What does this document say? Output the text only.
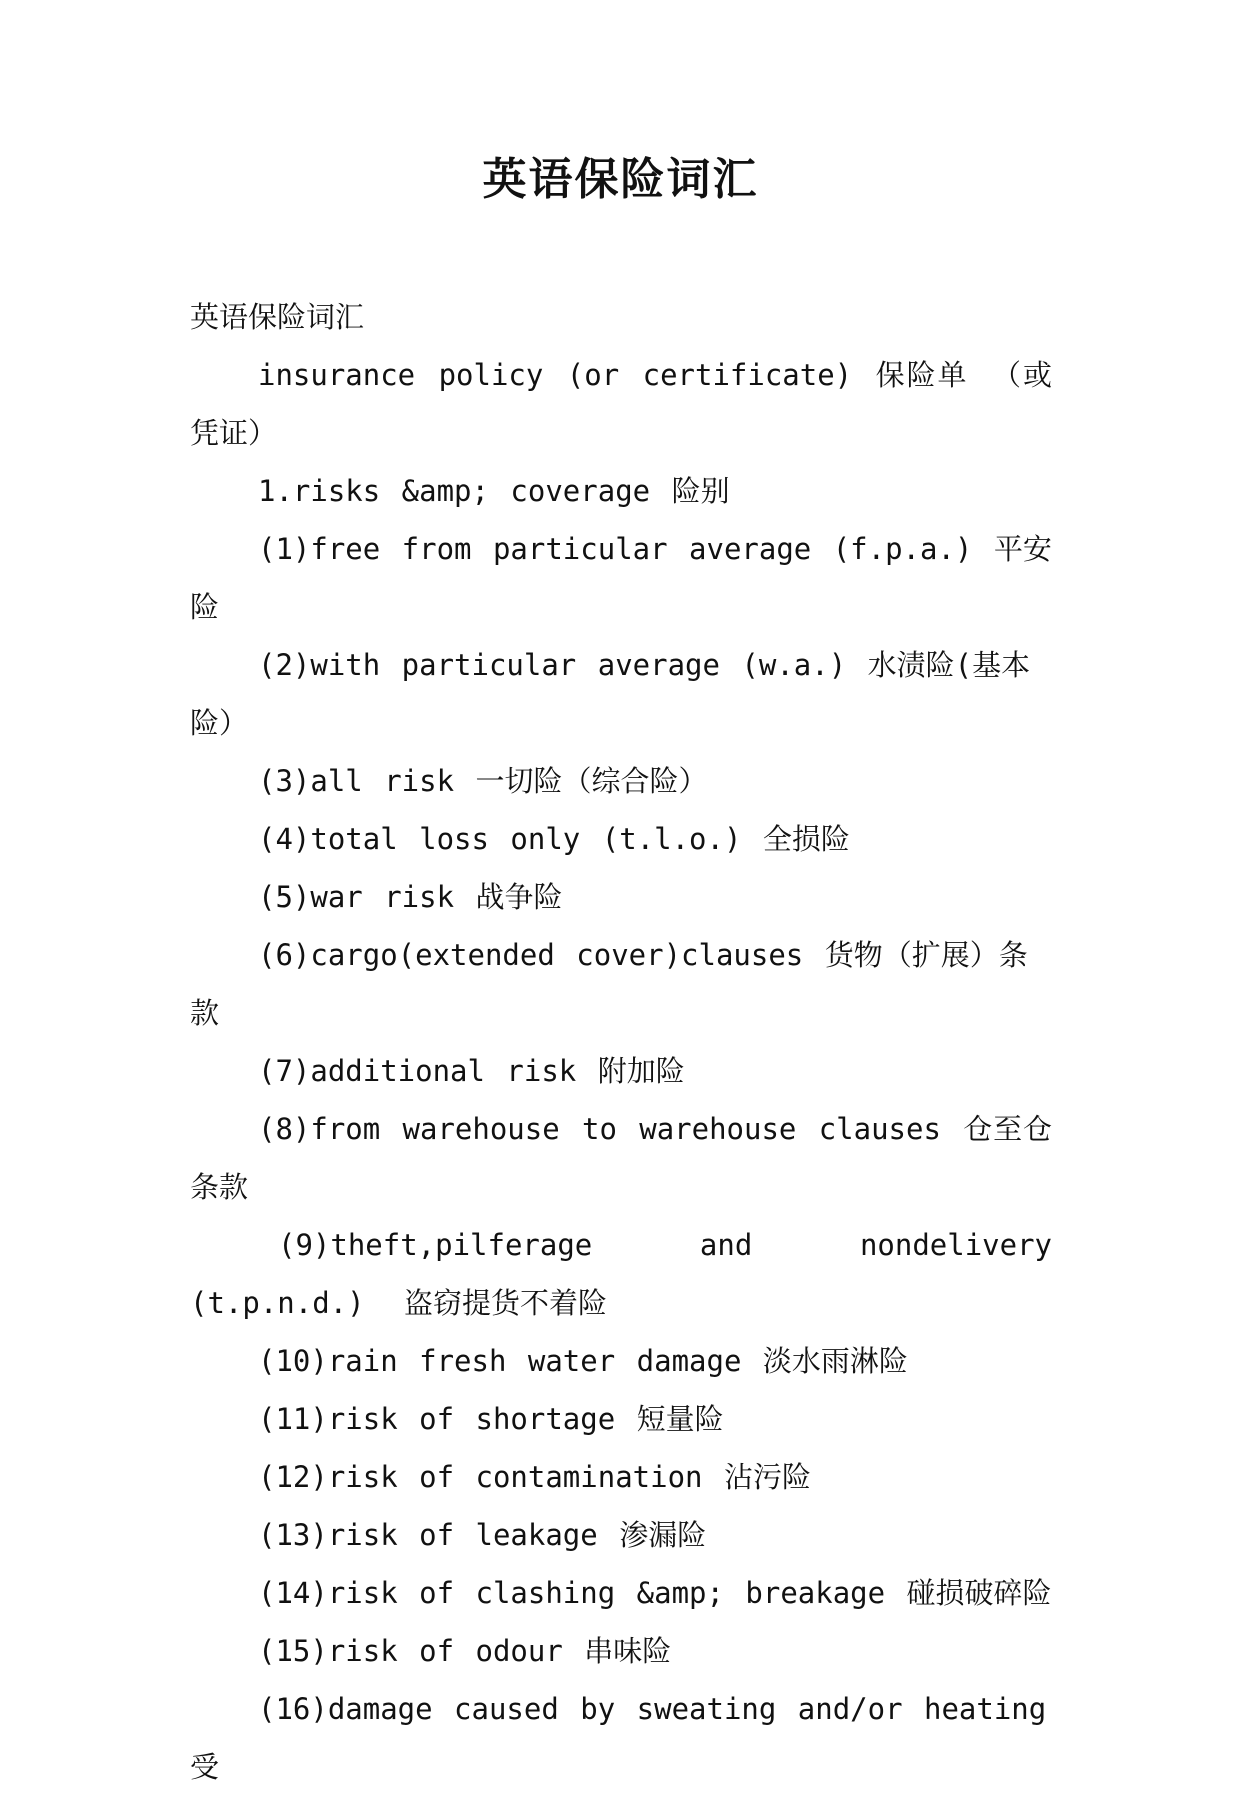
英语保险词汇

英语保险词汇

insurance policy (or certificate) 保险单 （或凭证）

1.risks &amp; coverage 险别

(1)free from particular average (f.p.a.) 平安险

(2)with particular average (w.a.) 水渍险(基本险）

(3)all risk 一切险（综合险）

(4)total loss only (t.l.o.) 全损险

(5)war risk 战争险

(6)cargo(extended cover)clauses 货物（扩展）条款

(7)additional risk 附加险

(8)from warehouse to warehouse clauses 仓至仓条款

(9)theft,pilferage and nondelivery (t.p.n.d.) 盗窃提货不着险

(10)rain fresh water damage 淡水雨淋险

(11)risk of shortage 短量险

(12)risk of contamination 沾污险

(13)risk of leakage 渗漏险

(14)risk of clashing &amp; breakage 碰损破碎险

(15)risk of odour 串味险

(16)damage caused by sweating and/or heating 受
